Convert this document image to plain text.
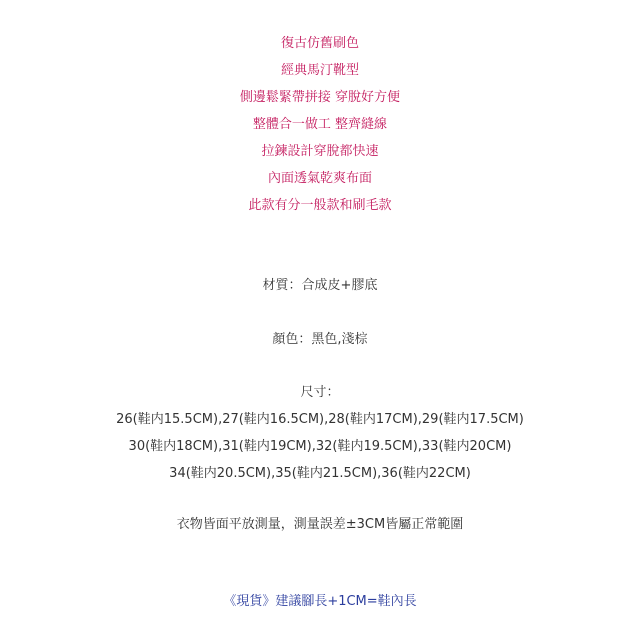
復古仿舊刷色
經典馬汀靴型
側邊鬆緊帶拼接 穿脫好方便
整體合一做工 整齊縫線
拉鍊設計穿脫都快速
內面透氣乾爽布面
此款有分一般款和刷毛款
材質：合成皮+膠底
顏色：黑色,淺棕
尺寸：
26(鞋内15.5CM),27(鞋内16.5CM),28(鞋内17CM),29(鞋内17.5CM)
30(鞋内18CM),31(鞋内19CM),32(鞋内19.5CM),33(鞋内20CM)
34(鞋内20.5CM),35(鞋内21.5CM),36(鞋内22CM)
衣物皆面平放測量，測量誤差±3CM皆屬正常範圍
《現貨》建議腳長+1CM=鞋內長
